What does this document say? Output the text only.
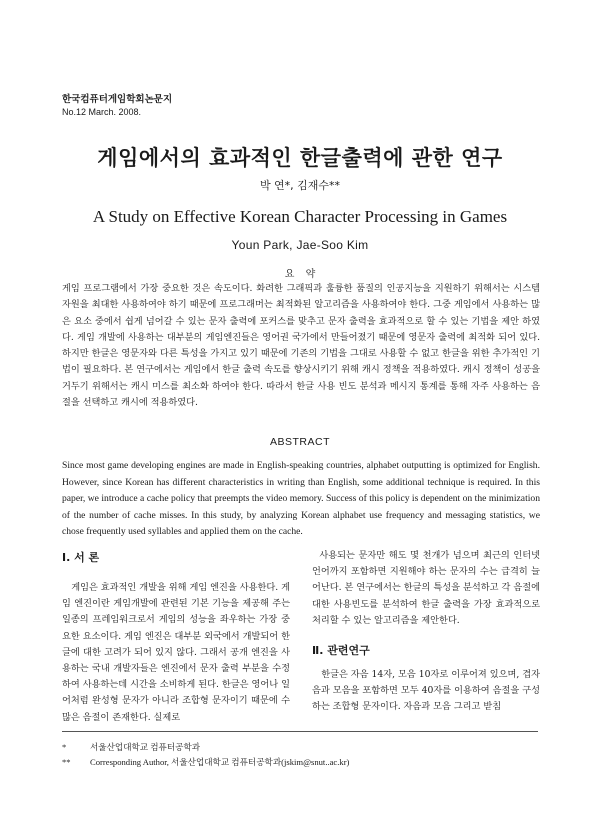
한국컴퓨터게임학회논문지
No.12 March. 2008.
게임에서의 효과적인 한글출력에 관한 연구
박 연*, 김재수**
A Study on Effective Korean Character Processing in Games
Youn Park, Jae-Soo Kim
요 약

게임 프로그램에서 가장 중요한 것은 속도이다. 화려한 그래픽과 훌륭한 품질의 인공지능을 지원하기 위해서는 시스템 자원을 최대한 사용하여야 하기 때문에 프로그래머는 최적화된 알고리즘을 사용하여야 한다. 그중 게임에서 사용하는 많은 요소 중에서 쉽게 넘어갈 수 있는 문자 출력에 포커스를 맞추고 문자 출력을 효과적으로 할 수 있는 기법을 제안 하였다. 게임 개발에 사용하는 대부분의 게임엔진들은 영어권 국가에서 만들어졌기 때문에 영문자 출력에 최적화 되어 있다. 하지만 한글은 영문자와 다른 특성을 가지고 있기 때문에 기존의 기법을 그대로 사용할 수 없고 한글을 위한 추가적인 기법이 필요하다. 본 연구에서는 게임에서 한글 출력 속도를 향상시키기 위해 캐시 정책을 적용하였다. 캐시 정책이 성공을 거두기 위해서는 캐시 미스를 최소화 하여야 한다. 따라서 한글 사용 빈도 분석과 메시지 통계를 통해 자주 사용하는 음절을 선택하고 캐시에 적용하였다.

ABSTRACT

Since most game developing engines are made in English-speaking countries, alphabet outputting is optimized for English. However, since Korean has different characteristics in writing than English, some additional technique is required. In this paper, we introduce a cache policy that preempts the video memory. Success of this policy is dependent on the minimization of the number of cache misses. In this study, by analyzing Korean alphabet use frequency and messaging statistics, we chose frequently used syllables and applied them on the cache.

Ⅰ. 서 론

게임은 효과적인 개발을 위해 게임 엔진을 사용한다. 게임 엔진이란 게임개발에 관련된 기본 기능을 제공해 주는 일종의 프레임워크로서 게임의 성능을 좌우하는 가장 중요한 요소이다. 게임 엔진은 대부분 외국에서 개발되어 한글에 대한 고려가 되어 있지 않다. 그래서 공개 엔진을 사용하는 국내 개발자들은 엔진에서 문자 출력 부분을 수정하여 사용하는데 시간을 소비하게 된다. 한글은 영어나 일어처럼 완성형 문자가 아니라 조합형 문자이기 때문에 수많은 음절이 존재한다. 실제로

사용되는 문자만 해도 몇 천개가 넘으며 최근의 인터넷 언어까지 포함하면 지원해야 하는 문자의 수는 급격히 늘어난다. 본 연구에서는 한글의 특성을 분석하고 각 음절에 대한 사용빈도를 분석하여 한글 출력을 가장 효과적으로 처리할 수 있는 알고리즘을 제안한다.

Ⅱ. 관련연구

한글은 자음 14자, 모음 10자로 이루어져 있으며, 겹자음과 모음을 포함하면 모두 40자를 이용하여 음절을 구성하는 조합형 문자이다. 자음과 모음 그리고 받침

*	서울산업대학교 컴퓨터공학과
** Corresponding Author, 서울산업대학교 컴퓨터공학과(jskim@snut..ac.kr)
